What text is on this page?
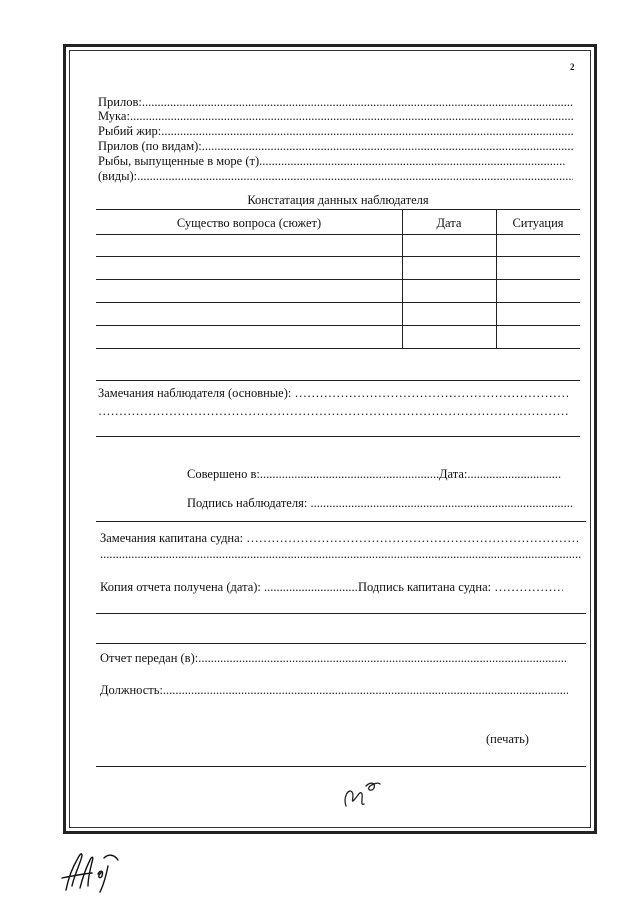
2
Прилов: .....
Мука: .....
Рыбий жир: .....
Прилов (по видам): .....
Рыбы, выпущенные в море (т) .....
(виды): .....
Констатация данных наблюдателя
Существо вопроса (сюжет)	Дата	Ситуация
Замечания наблюдателя (основные): …………………………………………………………………………………………………………
…………………………………………………………………………………………………………
Совершено в: ..... .....	Дата: .....
Подпись наблюдателя: .....
Замечания капитана судна: …………………………………………………………………………………………………………
.....
Копия отчета получена (дата): .....	Подпись капитана судна: …………………………………………………………………………………………………………
Отчет передан (в): .....
Должность: .....
(печать)
